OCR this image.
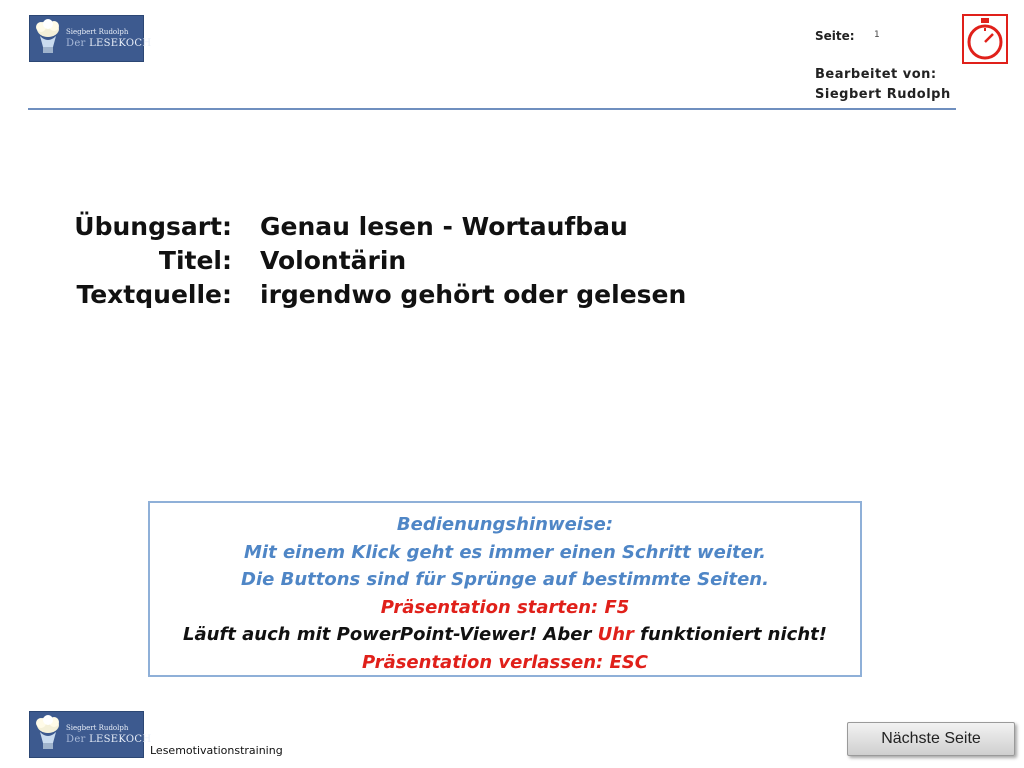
Siegbert Rudolph
Der LESEKOCH
Seite: 1
Bearbeitet von:
Siegbert Rudolph
Übungsart: Genau lesen - Wortaufbau
Titel: Volontärin
Textquelle: irgendwo gehört oder gelesen
Bedienungshinweise:
Mit einem Klick geht es immer einen Schritt weiter.
Die Buttons sind für Sprünge auf bestimmte Seiten.
Präsentation starten: F5
Läuft auch mit PowerPoint-Viewer! Aber Uhr funktioniert nicht!
Präsentation verlassen: ESC
Siegbert Rudolph
Der LESEKOCH
Lesemotivationstraining
Nächste Seite
